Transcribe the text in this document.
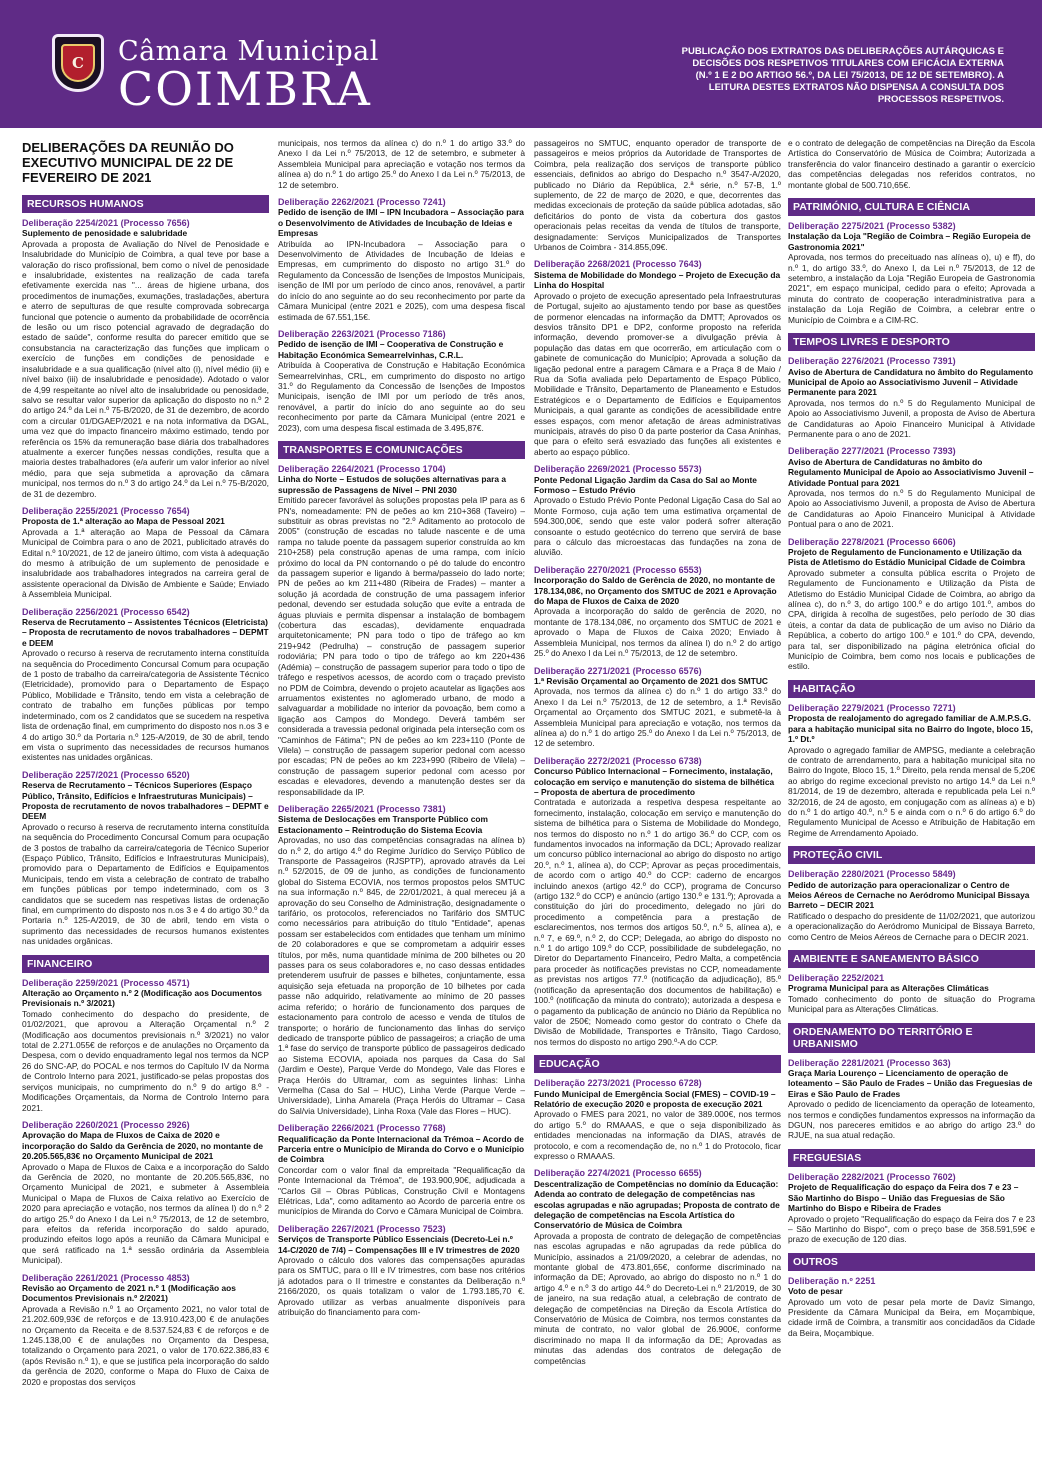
C	Câmara Municipal
COIMBRA
PUBLICAÇÃO DOS EXTRATOS DAS DELIBERAÇÕES AUTÁRQUICAS E DECISÕES DOS RESPETIVOS TITULARES COM EFICÁCIA EXTERNA (N.º 1 E 2 DO ARTIGO 56.º, DA LEI 75/2013, DE 12 DE SETEMBRO). A LEITURA DESTES EXTRATOS NÃO DISPENSA A CONSULTA DOS PROCESSOS RESPETIVOS.
DELIBERAÇÕES DA REUNIÃO DO EXECUTIVO MUNICIPAL DE 22 DE FEVEREIRO DE 2021
RECURSOS HUMANOS
Deliberação 2254/2021 (Processo 7656)
Suplemento de penosidade e salubridade
Aprovada a proposta de Avaliação do Nível de Penosidade e Insalubridade do Município de Coimbra, a qual teve por base a valoração do risco profissional, bem como o nível de penosidade e insalubridade, existentes na realização de cada tarefa efetivamente exercida nas "... áreas de higiene urbana, dos procedimentos de inumações, exumações, trasladações, abertura e aterro de sepulturas de que resulte comprovada sobrecarga funcional que potencie o aumento da probabilidade de ocorrência de lesão ou um risco potencial agravado de degradação do estado de saúde", conforme resulta do parecer emitido que se consubstancia na caracterização das funções que implicam o exercício de funções em condições de penosidade e insalubridade e a sua qualificação (nível alto (i), nível médio (ii) e nível baixo (iii) de insalubridade e penosidade). Adotado o valor de 4,99 respeitante ao nível alto de insalubridade ou penosidade, salvo se resultar valor superior da aplicação do disposto no n.º 2 do artigo 24.º da Lei n.º 75-B/2020, de 31 de dezembro, de acordo com a circular 01/DGAEP/2021 e na nota informativa da DGAL, uma vez que do impacto financeiro máximo estimado, tendo por referência os 15% da remuneração base diária dos trabalhadores atualmente a exercer funções nessas condições, resulta que a maioria destes trabalhadores (e/a auferir um valor inferior ao nível médio, para que seja submetida a aprovação da câmara municipal, nos termos do n.º 3 do artigo 24.º da Lei n.º 75-B/2020, de 31 de dezembro.
Deliberação 2255/2021 (Processo 7654)
Proposta de 1.ª alteração ao Mapa de Pessoal 2021
Aprovada a 1.ª alteração ao Mapa de Pessoal da Câmara Municipal de Coimbra para o ano de 2021, publicitado através do Edital n.º 10/2021, de 12 de janeiro último, com vista à adequação do mesmo à atribuição de um suplemento de penosidade e insalubridade aos trabalhadores integrados na carreira geral de assistente operacional da Divisão de Ambiente e Saúde; Enviado à Assembleia Municipal.
Deliberação 2256/2021 (Processo 6542)
Reserva de Recrutamento – Assistentes Técnicos (Eletricista) – Proposta de recrutamento de novos trabalhadores – DEPMT e DEEM
Aprovado o recurso à reserva de recrutamento interna constituída na sequência do Procedimento Concursal Comum para ocupação de 1 posto de trabalho da carreira/categoria de Assistente Técnico (Eletricidade), promovido para o Departamento de Espaço Público, Mobilidade e Trânsito, tendo em vista a celebração de contrato de trabalho em funções públicas por tempo indeterminado, com os 2 candidatos que se sucedem na respetiva lista de ordenação final, em cumprimento do disposto nos n.os 3 e 4 do artigo 30.º da Portaria n.º 125-A/2019, de 30 de abril, tendo em vista o suprimento das necessidades de recursos humanos existentes nas unidades orgânicas.
Deliberação 2257/2021 (Processo 6520)
Reserva de Recrutamento – Técnicos Superiores (Espaço Público, Trânsito, Edifícios e Infraestruturas Municipais) – Proposta de recrutamento de novos trabalhadores – DEPMT e DEEM
Aprovado o recurso à reserva de recrutamento interna constituída na sequência do Procedimento Concursal Comum para ocupação de 3 postos de trabalho da carreira/categoria de Técnico Superior (Espaço Público, Trânsito, Edifícios e Infraestruturas Municipais), promovido para o Departamento de Edifícios e Equipamentos Municipais, tendo em vista a celebração de contrato de trabalho em funções públicas por tempo indeterminado, com os 3 candidatos que se sucedem nas respetivas listas de ordenação final, em cumprimento do disposto nos n.os 3 e 4 do artigo 30.º da Portaria n.º 125-A/2019, de 30 de abril, tendo em vista o suprimento das necessidades de recursos humanos existentes nas unidades orgânicas.
FINANCEIRO
Deliberação 2259/2021 (Processo 4571)
Alteração ao Orçamento n.º 2 (Modificação aos Documentos Previsionais n.º 3/2021)
Tomado conhecimento do despacho do presidente, de 01/02/2021, que aprovou a Alteração Orçamental n.º 2 (Modificação aos documentos previsionais n.º 3/2021) no valor total de 2.271.055€ de reforços e de anulações no Orçamento da Despesa, com o devido enquadramento legal nos termos da NCP 26 do SNC-AP, do POCAL e nos termos do Capítulo IV da Norma de Controlo Interno para 2021, justificado-se pelas propostas dos serviços municipais, no cumprimento do n.º 9 do artigo 8.º - Modificações Orçamentais, da Norma de Controlo Interno para 2021.
Deliberação 2260/2021 (Processo 2926)
Aprovação do Mapa de Fluxos de Caixa de 2020 e incorporação do Saldo da Gerência de 2020, no montante de 20.205.565,83€ no Orçamento Municipal de 2021
Aprovado o Mapa de Fluxos de Caixa e a incorporação do Saldo da Gerência de 2020, no montante de 20.205.565,83€, no Orçamento Municipal de 2021, e submeter à Assembleia Municipal o Mapa de Fluxos de Caixa relativo ao Exercício de 2020 para apreciação e votação, nos termos da alínea l) do n.º 2 do artigo 25.º do Anexo I da Lei n.º 75/2013, de 12 de setembro, para efeitos da referida incorporação do saldo apurado, produzindo efeitos logo após a reunião da Câmara Municipal e que será ratificado na 1.ª sessão ordinária da Assembleia Municipal).
Deliberação 2261/2021 (Processo 4853)
Revisão ao Orçamento de 2021 n.º 1 (Modificação aos Documentos Previsionais n.º 2/2021)
Aprovada a Revisão n.º 1 ao Orçamento 2021, no valor total de 21.202.609,93€ de reforços e de 13.910.423,00 € de anulações no Orçamento da Receita e de 8.537.524,83 € de reforços e de 1.245.138,00 € de anulações no Orçamento da Despesa, totalizando o Orçamento para 2021, o valor de 170.622.386,83 € (após Revisão n.º 1), e que se justifica pela incorporação do saldo da gerência de 2020, conforme o Mapa do Fluxo de Caixa de 2020 e propostas dos serviços
municipais, nos termos da alínea c) do n.º 1 do artigo 33.º do Anexo I da Lei n.º 75/2013, de 12 de setembro, e submeter à Assembleia Municipal para apreciação e votação nos termos da alínea a) do n.º 1 do artigo 25.º do Anexo I da Lei n.º 75/2013, de 12 de setembro.
Deliberação 2262/2021 (Processo 7241)
Pedido de isenção de IMI – IPN Incubadora – Associação para o Desenvolvimento de Atividades de Incubação de Ideias e Empresas
Atribuída ao IPN-Incubadora – Associação para o Desenvolvimento de Atividades de Incubação de Ideias e Empresas, em cumprimento do disposto no artigo 31.º do Regulamento da Concessão de Isenções de Impostos Municipais, isenção de IMI por um período de cinco anos, renovável, a partir do início do ano seguinte ao do seu reconhecimento por parte da Câmara Municipal (entre 2021 e 2025), com uma despesa fiscal estimada de 67.551,15€.
Deliberação 2263/2021 (Processo 7186)
Pedido de isenção de IMI – Cooperativa de Construção e Habitação Económica Semearrelvinhas, C.R.L.
Atribuída à Cooperativa de Construção e Habitação Económica Semearrelvinhas, CRL, em cumprimento do disposto no artigo 31.º do Regulamento da Concessão de Isenções de Impostos Municipais, isenção de IMI por um período de três anos, renovável, a partir do início do ano seguinte ao do seu reconhecimento por parte da Câmara Municipal (entre 2021 e 2023), com uma despesa fiscal estimada de 3.495,87€.
TRANSPORTES E COMUNICAÇÕES
Deliberação 2264/2021 (Processo 1704)
Linha do Norte – Estudos de soluções alternativas para a supressão de Passagens de Nível – PNI 2030
Emitido parecer favorável às soluções propostas pela IP para as 6 PN's, nomeadamente: PN de peões ao km 210+368 (Taveiro) – substituir as obras previstas no "2.º Aditamento ao protocolo de 2005" (construção de escadas no talude nascente e de uma rampa no talude poente da passagem superior construída ao km 210+258) pela construção apenas de uma rampa, com início próximo do local da PN contornando o pé do talude do encontro da passagem superior e ligando à berma/passeio do lado norte; PN de peões ao km 211+480 (Ribeira de Frades) – manter a solução já acordada de construção de uma passagem inferior pedonal, devendo ser estudada solução que evite a entrada de águas pluviais e permita dispensar a instalação de bombagem (cobertura das escadas), devidamente enquadrada arquitetonicamente; PN para todo o tipo de tráfego ao km 219+942 (Pedrulha) – construção de passagem superior rodoviária; PN para todo o tipo de tráfego ao km 220+436 (Adémia) – construção de passagem superior para todo o tipo de tráfego e respetivos acessos, de acordo com o traçado previsto no PDM de Coimbra, devendo o projeto acautelar as ligações aos arruamentos existentes no aglomerado urbano, de modo a salvaguardar a mobilidade no interior da povoação, bem como a ligação aos Campos do Mondego. Deverá também ser considerada a travessia pedonal originada pela interseção com os "Caminhos de Fátima"; PN de peões ao km 223+110 (Ponte de Vilela) – construção de passagem superior pedonal com acesso por escadas; PN de peões ao km 223+990 (Ribeiro de Vilela) – construção de passagem superior pedonal com acesso por escadas e elevadores, devendo a manutenção destes ser da responsabilidade da IP.
Deliberação 2265/2021 (Processo 7381)
Sistema de Deslocações em Transporte Público com Estacionamento – Reintrodução do Sistema Ecovia
Aprovadas, no uso das competências consagradas na alínea b) do n.º 2, do artigo 4.º do Regime Jurídico do Serviço Público de Transporte de Passageiros (RJSPTP), aprovado através da Lei n.º 52/2015, de 09 de junho, as condições de funcionamento global do Sistema ECOVIA, nos termos propostos pelos SMTUC na sua informação n.º 845, de 22/01/2021, à qual mereceu já a aprovação do seu Conselho de Administração, designadamente o tarifário, os protocolos, referenciados no Tarifário dos SMTUC como necessários para atribuição do título "Entidade", apenas possam ser estabelecidos com entidades que tenham um mínimo de 20 colaboradores e que se comprometam a adquirir esses títulos, por mês, numa quantidade mínima de 200 bilhetes ou 20 passes para os seus colaboradores e, no caso dessas entidades pretenderem usufruir de passes e bilhetes, conjuntamente, essa aquisição seja efetuada na proporção de 10 bilhetes por cada passe não adquirido, relativamente ao mínimo de 20 passes acima referido; o horário de funcionamento dos parques de estacionamento para controlo de acesso e venda de títulos de transporte; o horário de funcionamento das linhas do serviço dedicado de transporte público de passageiros; a criação de uma 1.ª fase do serviço de transporte público de passageiros dedicado ao Sistema ECOVIA, apoiada nos parques da Casa do Sal (Jardim e Oeste), Parque Verde do Mondego, Vale das Flores e Praça Heróis do Ultramar, com as seguintes linhas: Linha Vermelha (Casa do Sal – HUC), Linha Verde (Parque Verde – Universidade), Linha Amarela (Praça Heróis do Ultramar – Casa do Sal/via Universidade), Linha Roxa (Vale das Flores – HUC).
Deliberação 2266/2021 (Processo 7768)
Requalificação da Ponte Internacional da Trémoa – Acordo de Parceria entre o Município de Miranda do Corvo e o Município de Coimbra
Concordar com o valor final da empreitada "Requalificação da Ponte Internacional da Trémoa", de 193.900,90€, adjudicada a "Carlos Gil – Obras Públicas, Construção Civil e Montagens Elétricas, Lda", como aditamento ao Acordo de parceria entre os municípios de Miranda do Corvo e Câmara Municipal de Coimbra.
Deliberação 2267/2021 (Processo 7523)
Serviços de Transporte Público Essenciais (Decreto-Lei n.º 14-C/2020 de 7/4) – Compensações III e IV trimestres de 2020
Aprovado o cálculo dos valores das compensações apuradas para os SMTUC, para o III e IV trimestres, com base nos critérios já adotados para o II trimestre e constantes da Deliberação n.º 2166/2020, os quais totalizam o valor de 1.793.185,70 €. Aprovado utilizar as verbas anualmente disponíveis para atribuição do financiamento para com-
passageiros no SMTUC, enquanto operador de transporte de passageiros e meios próprios da Autoridade de Transportes de Coimbra, pela realização dos serviços de transporte público essenciais, definidos ao abrigo do Despacho n.º 3547-A/2020, publicado no Diário da República, 2.ª série, n.º 57-B, 1.º suplemento, de 22 de março de 2020, e que, decorrentes das medidas excecionais de proteção da saúde pública adotadas, são deficitários do ponto de vista da cobertura dos gastos operacionais pelas receitas da venda de títulos de transporte, designadamente: Serviços Municipalizados de Transportes Urbanos de Coimbra - 314.855,09€.
Deliberação 2268/2021 (Processo 7643)
Sistema de Mobilidade do Mondego – Projeto de Execução da Linha do Hospital
Aprovado o projeto de execução apresentado pela Infraestruturas de Portugal, sujeito ao ajustamento tendo por base as questões de pormenor elencadas na informação da DMTT; Aprovados os desvios trânsito DP1 e DP2, conforme proposto na referida informação, devendo promover-se a divulgação prévia à população das datas em que ocorrerão, em articulação com o gabinete de comunicação do Município; Aprovada a solução da ligação pedonal entre a paragem Câmara e a Praça 8 de Maio / Rua da Sofia avaliada pelo Departamento de Espaço Público, Mobilidade e Trânsito, Departamento de Planeamento e Estudos Estratégicos e o Departamento de Edifícios e Equipamentos Municipais, a qual garante as condições de acessibilidade entre esses espaços, com menor afetação de áreas administrativas municipais, através do piso 0 da parte posterior da Casa Aninhas, que para o efeito será esvaziado das funções ali existentes e aberto ao espaço público.
Deliberação 2269/2021 (Processo 5573)
Ponte Pedonal Ligação Jardim da Casa do Sal ao Monte Formoso – Estudo Prévio
Aprovado o Estudo Prévio Ponte Pedonal Ligação Casa do Sal ao Monte Formoso, cuja ação tem uma estimativa orçamental de 594.300,00€, sendo que este valor poderá sofrer alteração consoante o estudo geotécnico do terreno que servirá de base para o cálculo das microestacas das fundações na zona de aluvião.
Deliberação 2270/2021 (Processo 6553)
Incorporação do Saldo de Gerência de 2020, no montante de 178.134,08€, no Orçamento dos SMTUC de 2021 e Aprovação do Mapa de Fluxos de Caixa de 2020
Aprovada a incorporação do saldo de gerência de 2020, no montante de 178.134,08€, no orçamento dos SMTUC de 2021 e aprovado o Mapa de Fluxos de Caixa 2020; Enviado à Assembleia Municipal, nos termos da alínea l) do n.º 2 do artigo 25.º do Anexo I da Lei n.º 75/2013, de 12 de setembro.
Deliberação 2271/2021 (Processo 6576)
1.ª Revisão Orçamental ao Orçamento de 2021 dos SMTUC
Aprovada, nos termos da alínea c) do n.º 1 do artigo 33.º do Anexo I da Lei n.º 75/2013, de 12 de setembro, a 1.ª Revisão Orçamental ao Orçamento dos SMTUC 2021, e submetê-la à Assembleia Municipal para apreciação e votação, nos termos da alínea a) do n.º 1 do artigo 25.º do Anexo I da Lei n.º 75/2013, de 12 de setembro.
Deliberação 2272/2021 (Processo 6738)
Concurso Público Internacional – Fornecimento, instalação, colocação em serviço e manutenção do sistema de bilhética – Proposta de abertura de procedimento
Contratada e autorizada a respetiva despesa respeitante ao fornecimento, instalação, colocação em serviço e manutenção do sistema de bilhética para o Sistema de Mobilidade do Mondego, nos termos do disposto no n.º 1 do artigo 36.º do CCP, com os fundamentos invocados na informação da DCL; Aprovado realizar um concurso público internacional ao abrigo do disposto no artigo 20.º, n.º 1, alínea a), do CCP; Aprovar as peças procedimentais, de acordo com o artigo 40.º do CCP: caderno de encargos incluindo anexos (artigo 42.º do CCP), programa de Concurso (artigo 132.º do CCP) e anúncio (artigo 130.º e 131.º); Aprovada a constituição do júri do procedimento, delegado no júri do procedimento a competência para a prestação de esclarecimentos, nos termos dos artigos 50.º, n.º 5, alínea a), e n.º 7, e 69.º, n.º 2, do CCP; Delegada, ao abrigo do disposto no n.º 1 do artigo 109.º do CCP, possibilidade de subdelegação, no Diretor do Departamento Financeiro, Pedro Malta, a competência para proceder às notificações previstas no CCP, nomeadamente as previstas nos artigos 77.º (notificação da adjudicação), 85.º (notificação da apresentação dos documentos de habilitação) e 100.º (notificação da minuta do contrato); autorizada a despesa e o pagamento da publicação de anúncio no Diário da República no valor de 250€; Nomeado como gestor do contrato o Chefe da Divisão de Mobilidade, Transportes e Trânsito, Tiago Cardoso, nos termos do disposto no artigo 290.º-A do CCP.
EDUCAÇÃO
Deliberação 2273/2021 (Processo 6728)
Fundo Municipal de Emergência Social (FMES) – COVID-19 – Relatório de execução 2020 e proposta de execução 2021
Aprovado o FMES para 2021, no valor de 389.000€, nos termos do artigo 5.º do RMAAAS, e que o seja disponibilizado às entidades mencionadas na informação da DIAS, através de protocolo, e com a recomendação de, no n.º 1 do Protocolo, ficar expresso o RMAAAS.
Deliberação 2274/2021 (Processo 6655)
Descentralização de Competências no domínio da Educação: Adenda ao contrato de delegação de competências nas escolas agrupadas e não agrupadas; Proposta de contrato de delegação de competências na Escola Artística do Conservatório de Música de Coimbra
Aprovada a proposta de contrato de delegação de competências nas escolas agrupadas e não agrupadas da rede pública do Município, assinados a 21/09/2020, a celebrar de adendas, no montante global de 473.801,65€, conforme discriminado na informação da DE; Aprovado, ao abrigo do disposto no n.º 1 do artigo 4.º e n.º 3 do artigo 44.º do Decreto-Lei n.º 21/2019, de 30 de janeiro, na sua redação atual, a celebração de contrato de delegação de competências na Direção da Escola Artística do Conservatório de Música de Coimbra, nos termos constantes da minuta de contrato, no valor global de 26.900€, conforme discriminado no mapa II da informação da DE; Aprovadas as minutas das adendas dos contratos de delegação de competências
e o contrato de delegação de competências na Direção da Escola Artística do Conservatório de Música de Coimbra; Autorizada a transferência do valor financeiro destinado a garantir o exercício das competências delegadas nos referidos contratos, no montante global de 500.710,65€.
PATRIMÓNIO, CULTURA E CIÊNCIA
Deliberação 2275/2021 (Processo 5382)
Instalação da Loja "Região de Coimbra – Região Europeia de Gastronomia 2021"
Aprovada, nos termos do preceituado nas alíneas o), u) e ff), do n.º 1, do artigo 33.º, do Anexo I, da Lei n.º 75/2013, de 12 de setembro, a instalação da Loja "Região Europeia de Gastronomia 2021", em espaço municipal, cedido para o efeito; Aprovada a minuta do contrato de cooperação interadministrativa para a instalação da Loja Região de Coimbra, a celebrar entre o Município de Coimbra e a CIM-RC.
TEMPOS LIVRES E DESPORTO
Deliberação 2276/2021 (Processo 7391)
Aviso de Abertura de Candidatura no âmbito do Regulamento Municipal de Apoio ao Associativismo Juvenil – Atividade Permanente para 2021
Aprovada, nos termos do n.º 5 do Regulamento Municipal de Apoio ao Associativismo Juvenil, a proposta de Aviso de Abertura de Candidaturas ao Apoio Financeiro Municipal à Atividade Permanente para o ano de 2021.
Deliberação 2277/2021 (Processo 7393)
Aviso de Abertura de Candidaturas no âmbito do Regulamento Municipal de Apoio ao Associativismo Juvenil – Atividade Pontual para 2021
Aprovada, nos termos do n.º 5 do Regulamento Municipal de Apoio ao Associativismo Juvenil, a proposta de Aviso de Abertura de Candidaturas ao Apoio Financeiro Municipal à Atividade Pontual para o ano de 2021.
Deliberação 2278/2021 (Processo 6606)
Projeto de Regulamento de Funcionamento e Utilização da Pista de Atletismo do Estádio Municipal Cidade de Coimbra
Aprovado submeter a consulta pública escrita o Projeto de Regulamento de Funcionamento e Utilização da Pista de Atletismo do Estádio Municipal Cidade de Coimbra, ao abrigo da alínea c), do n.º 3, do artigo 100.º e do artigo 101.º, ambos do CPA, dirigida à recolha de sugestões, pelo período de 30 dias úteis, a contar da data de publicação de um aviso no Diário da República, a coberto do artigo 100.º e 101.º do CPA, devendo, para tal, ser disponibilizado na página eletrónica oficial do Município de Coimbra, bem como nos locais e publicações de estilo.
HABITAÇÃO
Deliberação 2279/2021 (Processo 7271)
Proposta de realojamento do agregado familiar de A.M.P.S.G. para a habitação municipal sita no Bairro do Ingote, bloco 15, 1.º Dt.º
Aprovado o agregado familiar de AMPSG, mediante a celebração de contrato de arrendamento, para a habitação municipal sita no Bairro do Ingote, Bloco 15, 1.º Direito, pela renda mensal de 5,20€ ao abrigo do regime excecional previsto no artigo 14.º da Lei n.º 81/2014, de 19 de dezembro, alterada e republicada pela Lei n.º 32/2016, de 24 de agosto, em conjugação com as alíneas a) e b) do n.º 1 do artigo 40.º, n.º 5 e ainda com o n.º 6 do artigo 6.º do Regulamento Municipal de Acesso e Atribuição de Habitação em Regime de Arrendamento Apoiado.
PROTEÇÃO CIVIL
Deliberação 2280/2021 (Processo 5849)
Pedido de autorização para operacionalizar o Centro de Meios Aéreos de Cernache no Aeródromo Municipal Bissaya Barreto – DECIR 2021
Ratificado o despacho do presidente de 11/02/2021, que autorizou a operacionalização do Aeródromo Municipal de Bissaya Barreto, como Centro de Meios Aéreos de Cernache para o DECIR 2021.
AMBIENTE E SANEAMENTO BÁSICO
Deliberação 2252/2021
Programa Municipal para as Alterações Climáticas
Tomado conhecimento do ponto de situação do Programa Municipal para as Alterações Climáticas.
ORDENAMENTO DO TERRITÓRIO E URBANISMO
Deliberação 2281/2021 (Processo 363)
Graça Maria Lourenço – Licenciamento de operação de loteamento – São Paulo de Frades – União das Freguesias de Eiras e São Paulo de Frades
Aprovado o pedido de licenciamento da operação de loteamento, nos termos e condições fundamentos expressos na informação da DGUN, nos pareceres emitidos e ao abrigo do artigo 23.º do RJUE, na sua atual redação.
FREGUESIAS
Deliberação 2282/2021 (Processo 7602)
Projeto de Requalificação do espaço da Feira dos 7 e 23 – São Martinho do Bispo – União das Freguesias de São Martinho do Bispo e Ribeira de Frades
Aprovado o projeto "Requalificação do espaço da Feira dos 7 e 23 – São Martinho do Bispo", com o preço base de 358.591,59€ e prazo de execução de 120 dias.
OUTROS
Deliberação n.º 2251
Voto de pesar
Aprovado um voto de pesar pela morte de Daviz Simango, Presidente da Câmara Municipal da Beira, em Moçambique, cidade irmã de Coimbra, a transmitir aos concidadãos da Cidade da Beira, Moçambique.
